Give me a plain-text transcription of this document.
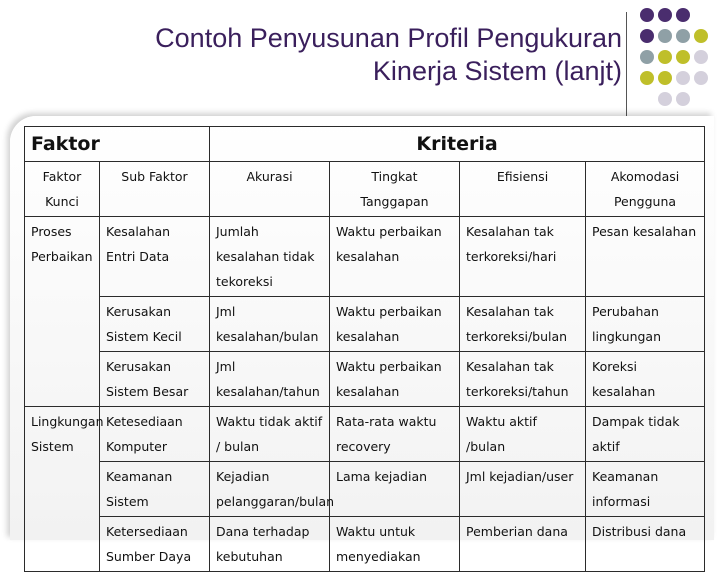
Contoh Penyusunan Profil Pengukuran
Kinerja Sistem (lanjt)
Faktor		Kriteria			
Faktor Kunci	Sub Faktor	Akurasi	Tingkat Tanggapan	Efisiensi	Akomodasi Pengguna
Proses Perbaikan	Kesalahan Entri Data	Jumlah kesalahan tidak tekoreksi	Waktu perbaikan kesalahan	Kesalahan tak terkoreksi/hari	Pesan kesalahan
	Kerusakan Sistem Kecil	Jml kesalahan/bulan	Waktu perbaikan kesalahan	Kesalahan tak terkoreksi/bulan	Perubahan lingkungan
	Kerusakan Sistem Besar	Jml kesalahan/tahun	Waktu perbaikan kesalahan	Kesalahan tak terkoreksi/tahun	Koreksi kesalahan
Lingkungan Sistem	Ketesediaan Komputer	Waktu tidak aktif / bulan	Rata-rata waktu recovery	Waktu aktif /bulan	Dampak tidak aktif
	Keamanan Sistem	Kejadian pelanggaran/bulan	Lama kejadian	Jml kejadian/user	Keamanan informasi
	Ketersediaan Sumber Daya	Dana terhadap kebutuhan	Waktu untuk menyediakan	Pemberian dana	Distribusi dana
